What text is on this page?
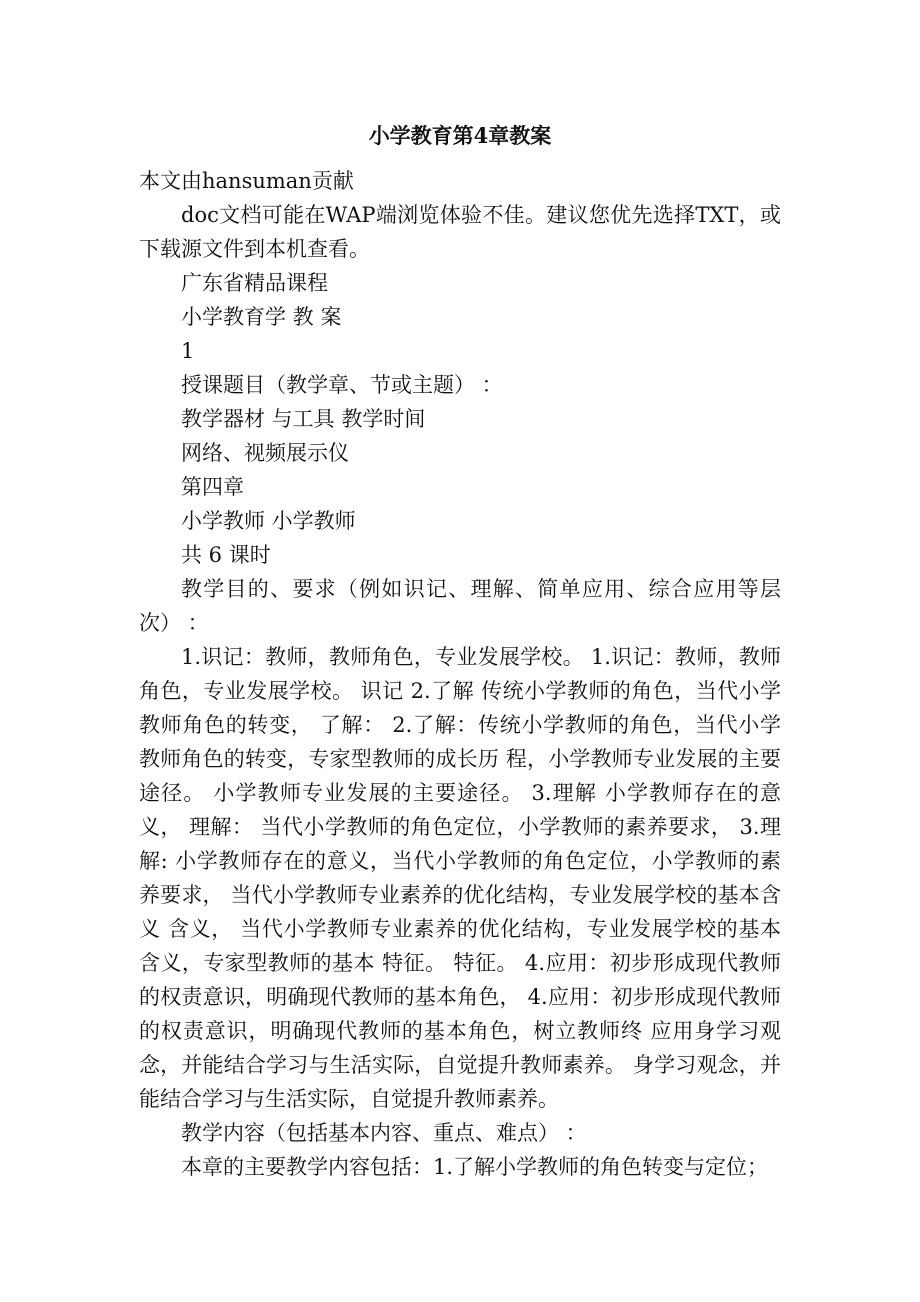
小学教育第4章教案

本文由hansuman贡献

doc文档可能在WAP端浏览体验不佳。建议您优先选择TXT，或下载源文件到本机查看。

广东省精品课程

小学教育学 教 案

1

授课题目（教学章、节或主题） ：

教学器材 与工具 教学时间

网络、视频展示仪

第四章

小学教师 小学教师

共 6 课时

教学目的、要求（例如识记、理解、简单应用、综合应用等层次） ：

1.识记：教师，教师角色，专业发展学校。 1.识记：教师，教师角色，专业发展学校。 识记 2.了解 传统小学教师的角色，当代小学教师角色的转变， 了解： 2.了解：传统小学教师的角色，当代小学教师角色的转变，专家型教师的成长历 程，小学教师专业发展的主要途径。 小学教师专业发展的主要途径。 3.理解 小学教师存在的意义， 理解： 当代小学教师的角色定位，小学教师的素养要求， 3.理解: 小学教师存在的意义，当代小学教师的角色定位，小学教师的素养要求， 当代小学教师专业素养的优化结构，专业发展学校的基本含义 含义， 当代小学教师专业素养的优化结构，专业发展学校的基本含义，专家型教师的基本 特征。 特征。 4.应用：初步形成现代教师的权责意识，明确现代教师的基本角色， 4.应用：初步形成现代教师的权责意识，明确现代教师的基本角色，树立教师终 应用身学习观念，并能结合学习与生活实际，自觉提升教师素养。 身学习观念，并能结合学习与生活实际，自觉提升教师素养。

教学内容（包括基本内容、重点、难点） ：

本章的主要教学内容包括：1.了解小学教师的角色转变与定位；
